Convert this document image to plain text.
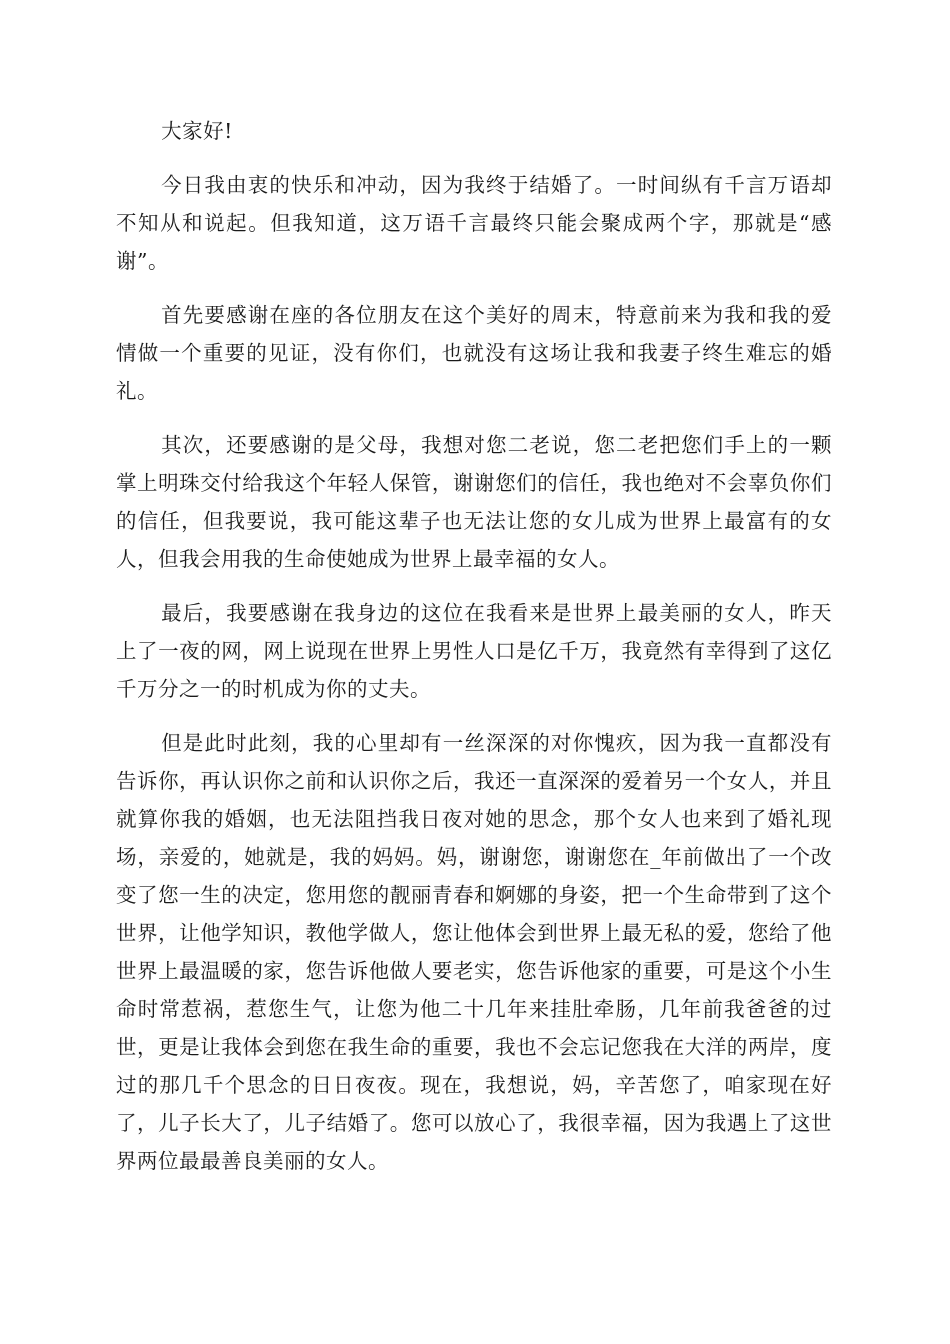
大家好!

今日我由衷的快乐和冲动，因为我终于结婚了。一时间纵有千言万语却不知从和说起。但我知道，这万语千言最终只能会聚成两个字，那就是“感谢”。

首先要感谢在座的各位朋友在这个美好的周末，特意前来为我和我的爱情做一个重要的见证，没有你们，也就没有这场让我和我妻子终生难忘的婚礼。

其次，还要感谢的是父母，我想对您二老说，您二老把您们手上的一颗掌上明珠交付给我这个年轻人保管，谢谢您们的信任，我也绝对不会辜负你们的信任，但我要说，我可能这辈子也无法让您的女儿成为世界上最富有的女人，但我会用我的生命使她成为世界上最幸福的女人。

最后，我要感谢在我身边的这位在我看来是世界上最美丽的女人，昨天上了一夜的网，网上说现在世界上男性人口是亿千万，我竟然有幸得到了这亿千万分之一的时机成为你的丈夫。

但是此时此刻，我的心里却有一丝深深的对你愧疚，因为我一直都没有告诉你，再认识你之前和认识你之后，我还一直深深的爱着另一个女人，并且就算你我的婚姻，也无法阻挡我日夜对她的思念，那个女人也来到了婚礼现场，亲爱的，她就是，我的妈妈。妈，谢谢您，谢谢您在_年前做出了一个改变了您一生的决定，您用您的靓丽青春和婀娜的身姿，把一个生命带到了这个世界，让他学知识，教他学做人，您让他体会到世界上最无私的爱，您给了他世界上最温暖的家，您告诉他做人要老实，您告诉他家的重要，可是这个小生命时常惹祸，惹您生气，让您为他二十几年来挂肚牵肠，几年前我爸爸的过世，更是让我体会到您在我生命的重要，我也不会忘记您我在大洋的两岸，度过的那几千个思念的日日夜夜。现在，我想说，妈，辛苦您了，咱家现在好了，儿子长大了，儿子结婚了。您可以放心了，我很幸福，因为我遇上了这世界两位最最善良美丽的女人。
